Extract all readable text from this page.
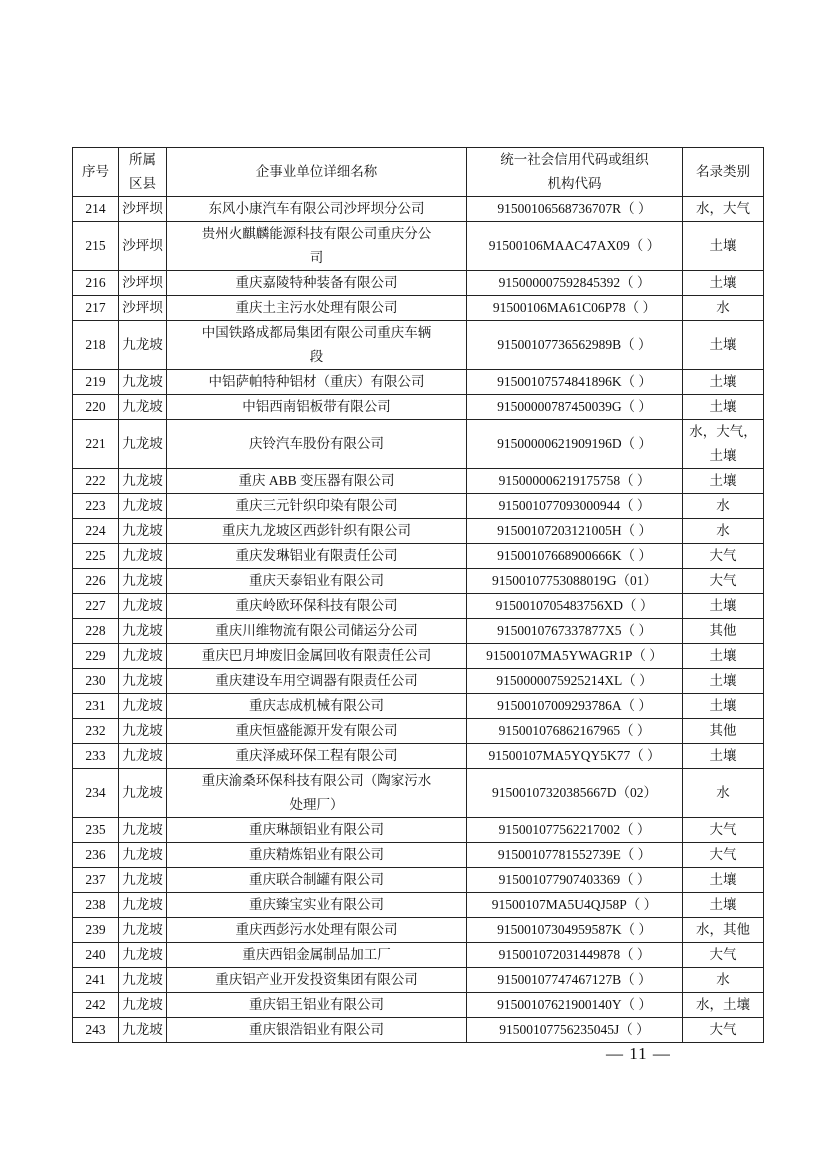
序号	所属区县	企事业单位详细名称	统一社会信用代码或组织机构代码	名录类别
214	沙坪坝	东风小康汽车有限公司沙坪坝分公司	91500106568736707R（ ）	水，大气
215	沙坪坝	贵州火麒麟能源科技有限公司重庆分公司	91500106MAAC47AX09（ ）	土壤
216	沙坪坝	重庆嘉陵特种装备有限公司	915000007592845392（ ）	土壤
217	沙坪坝	重庆土主污水处理有限公司	91500106MA61C06P78（ ）	水
218	九龙坡	中国铁路成都局集团有限公司重庆车辆段	91500107736562989B（ ）	土壤
219	九龙坡	中铝萨帕特种铝材（重庆）有限公司	91500107574841896K（ ）	土壤
220	九龙坡	中铝西南铝板带有限公司	91500000787450039G（ ）	土壤
221	九龙坡	庆铃汽车股份有限公司	91500000621909196D（ ）	水，大气，土壤
222	九龙坡	重庆 ABB 变压器有限公司	915000006219175758（ ）	土壤
223	九龙坡	重庆三元针织印染有限公司	915001077093000944（ ）	水
224	九龙坡	重庆九龙坡区西彭针织有限公司	91500107203121005H（ ）	水
225	九龙坡	重庆发琳铝业有限责任公司	91500107668900666K（ ）	大气
226	九龙坡	重庆天泰铝业有限公司	91500107753088019G（01）	大气
227	九龙坡	重庆岭欧环保科技有限公司	9150010705483756XD（ ）	土壤
228	九龙坡	重庆川维物流有限公司储运分公司	9150010767337877X5（ ）	其他
229	九龙坡	重庆巴月坤废旧金属回收有限责任公司	91500107MA5YWAGR1P（ ）	土壤
230	九龙坡	重庆建设车用空调器有限责任公司	9150000075925214XL（ ）	土壤
231	九龙坡	重庆志成机械有限公司	91500107009293786A（ ）	土壤
232	九龙坡	重庆恒盛能源开发有限公司	915001076862167965（ ）	其他
233	九龙坡	重庆泽威环保工程有限公司	91500107MA5YQY5K77（ ）	土壤
234	九龙坡	重庆渝桑环保科技有限公司（陶家污水处理厂）	91500107320385667D（02）	水
235	九龙坡	重庆琳颉铝业有限公司	915001077562217002（ ）	大气
236	九龙坡	重庆精炼铝业有限公司	91500107781552739E（ ）	大气
237	九龙坡	重庆联合制罐有限公司	915001077907403369（ ）	土壤
238	九龙坡	重庆臻宝实业有限公司	91500107MA5U4QJ58P（ ）	土壤
239	九龙坡	重庆西彭污水处理有限公司	91500107304959587K（ ）	水，其他
240	九龙坡	重庆西铝金属制品加工厂	915001072031449878（ ）	大气
241	九龙坡	重庆铝产业开发投资集团有限公司	91500107747467127B（ ）	水
242	九龙坡	重庆铝王铝业有限公司	91500107621900140Y（ ）	水，土壤
243	九龙坡	重庆银浩铝业有限公司	91500107756235045J（ ）	大气
— 11 —
